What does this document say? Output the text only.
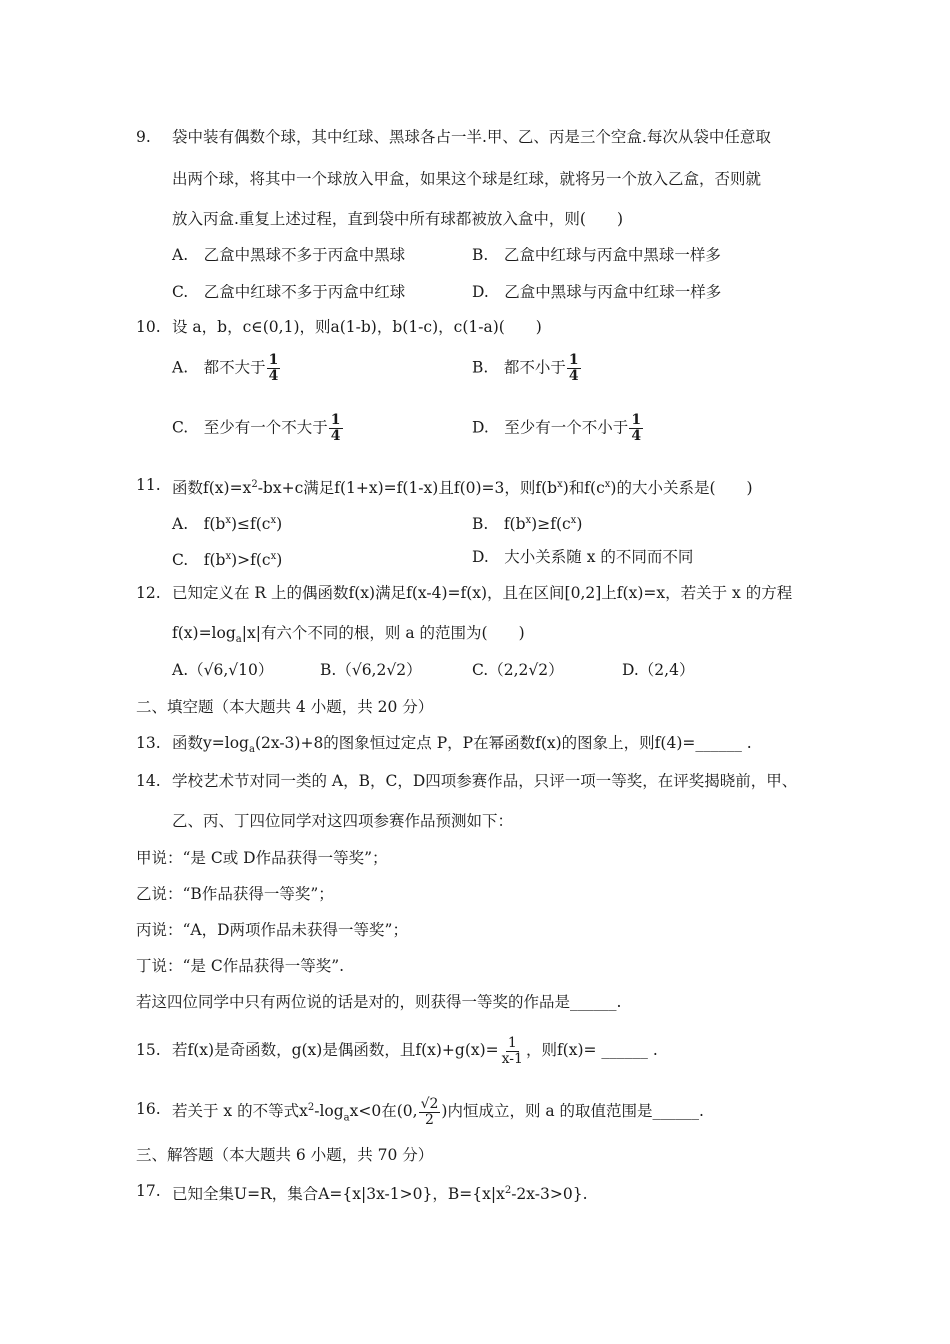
9. 袋中装有偶数个球，其中红球、黑球各占一半.甲、乙、丙是三个空盒.每次从袋中任意取
出两个球，将其中一个球放入甲盒，如果这个球是红球，就将另一个放入乙盒，否则就
放入丙盒.重复上述过程，直到袋中所有球都被放入盒中，则(　　)
A.　乙盒中黑球不多于丙盒中黑球	B.　乙盒中红球与丙盒中黑球一样多
C.　乙盒中红球不多于丙盒中红球	D.　乙盒中黑球与丙盒中红球一样多
10. 设 a，b，c∈(0,1)，则a(1-b)，b(1-c)，c(1-a)(　　)
A.　都不大于 $\frac{1}{4}$	B.　都不小于 $\frac{1}{4}$
C.　至少有一个不大于 $\frac{1}{4}$	D.　至少有一个不小于 $\frac{1}{4}$
11. 函数$f(x)=x^2-bx+c$满足f(1+x)=f(1-x)且f(0)=3，则$f(b^x)$和$f(c^x)$的大小关系是(　　)
A.　$f(b^x)\le f(c^x)$	B.　$f(b^x)\ge f(c^x)$
C.　$f(b^x)>f(c^x)$	D.　大小关系随 x 的不同而不同
12. 已知定义在 R 上的偶函数f(x)满足f(x-4)=f(x)，且在区间[0,2]上f(x)=x，若关于 x 的方程
$f(x)=\log_a|x|$有六个不同的根，则 a 的范围为(　　)
A.（√6,√10）	B.（√6,2√2）	C.（2,2√2）	D.（2,4）
二、填空题（本大题共 4 小题，共 20 分）
13. 函数$y=\log_a(2x-3)+8$的图象恒过定点 P，P在幂函数f(x)的图象上，则f(4)=______ .
14. 学校艺术节对同一类的 A，B，C，D四项参赛作品，只评一项一等奖，在评奖揭晓前，甲、
乙、丙、丁四位同学对这四项参赛作品预测如下：
甲说：“是 C或 D作品获得一等奖”；
乙说：“B作品获得一等奖”；
丙说：“A，D两项作品未获得一等奖”；
丁说：“是 C作品获得一等奖”.
若这四位同学中只有两位说的话是对的，则获得一等奖的作品是______.
15. 若f(x)是奇函数，g(x)是偶函数，且$f(x)+g(x)= \frac{1}{x-1}$ ，则f(x)= ______ .
16. 若关于 x 的不等式$x^2-\log_ax<0$在(0, $\frac{√2}{2}$ )内恒成立，则 a 的取值范围是______.
三、解答题（本大题共 6 小题，共 70 分）
17. 已知全集U=R，集合A={x|3x-1>0}，$B=\{x|x^2-2x-3>0\}$.
